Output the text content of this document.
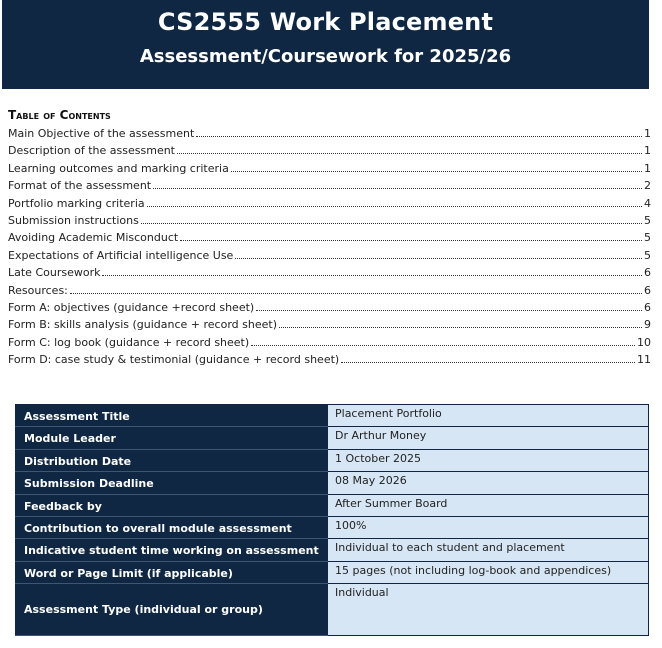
CS2555 Work Placement
Assessment/Coursework for 2025/26
Table of Contents
Main Objective of the assessment	1
Description of the assessment	1
Learning outcomes and marking criteria	1
Format of the assessment	2
Portfolio marking criteria	4
Submission instructions	5
Avoiding Academic Misconduct	5
Expectations of Artificial intelligence Use	5
Late Coursework	6
Resources:	6
Form A: objectives (guidance +record sheet)	6
Form B: skills analysis (guidance + record sheet)	9
Form C: log book (guidance + record sheet)	10
Form D: case study & testimonial (guidance + record sheet)	11
Assessment Title	Placement Portfolio
Module Leader	Dr Arthur Money
Distribution Date	1 October 2025
Submission Deadline	08 May 2026
Feedback by	After Summer Board
Contribution to overall module assessment	100%
Indicative student time working on assessment	Individual to each student and placement
Word or Page Limit (if applicable)	15 pages (not including log-book and appendices)
Assessment Type (individual or group)	Individual
